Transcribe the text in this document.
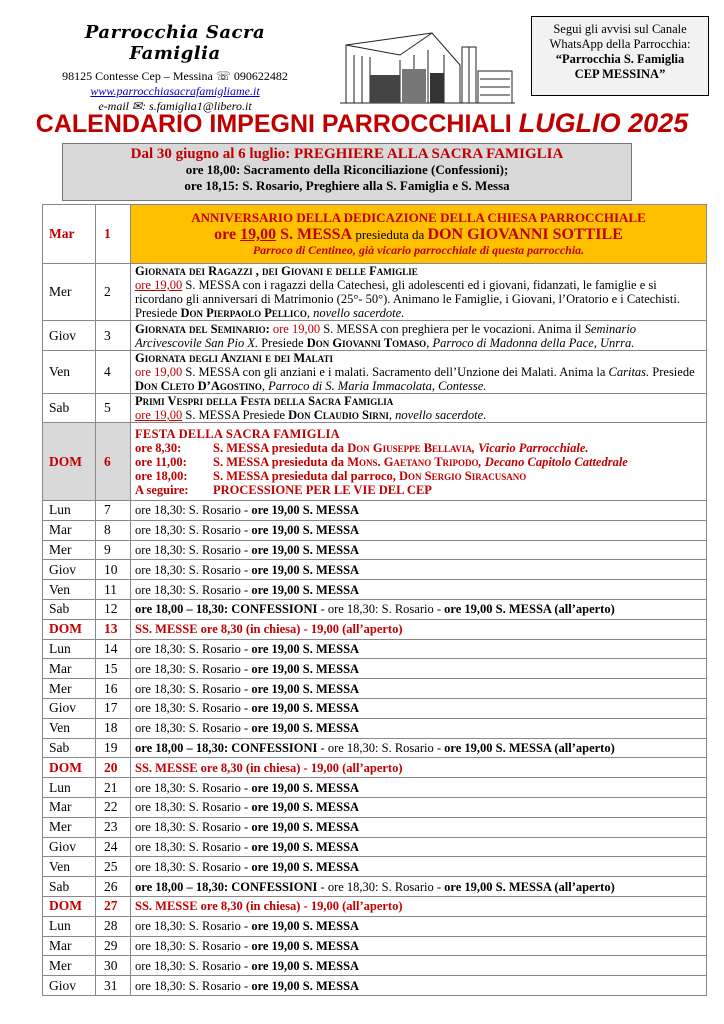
Parrocchia Sacra Famiglia
98125 Contesse Cep – Messina ☏ 090622482
www.parrocchiasacrafamigliame.it
e-mail ✉: s.famiglia1@libero.it
Segui gli avvisi sul Canale
WhatsApp della Parrocchia:
“Parrocchia S. Famiglia
CEP MESSINA”
CALENDARIO IMPEGNI PARROCCHIALI LUGLIO 2025
Dal 30 giugno al 6 luglio: PREGHIERE ALLA SACRA FAMIGLIA
ore 18,00: Sacramento della Riconciliazione (Confessioni);
ore 18,15: S. Rosario, Preghiere alla S. Famiglia e S. Messa
Mar	1	ANNIVERSARIO DELLA DEDICAZIONE DELLA CHIESA PARROCCHIALE
ore 19,00 S. MESSA presieduta da DON GIOVANNI SOTTILE
Parroco di Centineo, già vicario parrocchiale di questa parrocchia.

Mer	2	Giornata dei Ragazzi , dei Giovani e delle Famiglie
ore 19,00 S. MESSA con i ragazzi della Catechesi, gli adolescenti ed i giovani, fidanzati, le famiglie e si ricordano gli anniversari di Matrimonio (25°- 50°). Animano le Famiglie, i Giovani, l’Oratorio e i Catechisti. Presiede Don Pierpaolo Pellico, novello sacerdote.

Giov	3	Giornata del Seminario: ore 19,00 S. MESSA con preghiera per le vocazioni. Anima il Seminario Arcivescovile San Pio X. Presiede Don Giovanni Tomaso, Parroco di Madonna della Pace, Unrra.
Ven	4	Giornata degli Anziani e dei Malati
ore 19,00 S. MESSA con gli anziani e i malati. Sacramento dell’Unzione dei Malati. Anima la Caritas. Presiede Don Cleto D’Agostino, Parroco di S. Maria Immacolata, Contesse.

Sab	5	Primi Vespri della Festa della Sacra Famiglia
ore 19,00 S. MESSA Presiede Don Claudio Sirni, novello sacerdote.

DOM	6	FESTA DELLA SACRA FAMIGLIA
ore 8,30: S. MESSA presieduta da Don Giuseppe Bellavia, Vicario Parrocchiale.
ore 11,00: S. MESSA presieduta da Mons. Gaetano Tripodo, Decano Capitolo Cattedrale
ore 18,00: S. MESSA presieduta dal parroco, Don Sergio Siracusano
A seguire: PROCESSIONE PER LE VIE DEL CEP

Lun	7	ore 18,30: S. Rosario - ore 19,00 S. MESSA
Mar	8	ore 18,30: S. Rosario - ore 19,00 S. MESSA
Mer	9	ore 18,30: S. Rosario - ore 19,00 S. MESSA
Giov	10	ore 18,30: S. Rosario - ore 19,00 S. MESSA
Ven	11	ore 18,30: S. Rosario - ore 19,00 S. MESSA
Sab	12	ore 18,00 – 18,30: CONFESSIONI - ore 18,30: S. Rosario - ore 19,00 S. MESSA (all’aperto)
DOM	13	SS. MESSE ore 8,30 (in chiesa) - 19,00 (all’aperto)
Lun	14	ore 18,30: S. Rosario - ore 19,00 S. MESSA
Mar	15	ore 18,30: S. Rosario - ore 19,00 S. MESSA
Mer	16	ore 18,30: S. Rosario - ore 19,00 S. MESSA
Giov	17	ore 18,30: S. Rosario - ore 19,00 S. MESSA
Ven	18	ore 18,30: S. Rosario - ore 19,00 S. MESSA
Sab	19	ore 18,00 – 18,30: CONFESSIONI - ore 18,30: S. Rosario - ore 19,00 S. MESSA (all’aperto)
DOM	20	SS. MESSE ore 8,30 (in chiesa) - 19,00 (all’aperto)
Lun	21	ore 18,30: S. Rosario - ore 19,00 S. MESSA
Mar	22	ore 18,30: S. Rosario - ore 19,00 S. MESSA
Mer	23	ore 18,30: S. Rosario - ore 19,00 S. MESSA
Giov	24	ore 18,30: S. Rosario - ore 19,00 S. MESSA
Ven	25	ore 18,30: S. Rosario - ore 19,00 S. MESSA
Sab	26	ore 18,00 – 18,30: CONFESSIONI - ore 18,30: S. Rosario - ore 19,00 S. MESSA (all’aperto)
DOM	27	SS. MESSE ore 8,30 (in chiesa) - 19,00 (all’aperto)
Lun	28	ore 18,30: S. Rosario - ore 19,00 S. MESSA
Mar	29	ore 18,30: S. Rosario - ore 19,00 S. MESSA
Mer	30	ore 18,30: S. Rosario - ore 19,00 S. MESSA
Giov	31	ore 18,30: S. Rosario - ore 19,00 S. MESSA
